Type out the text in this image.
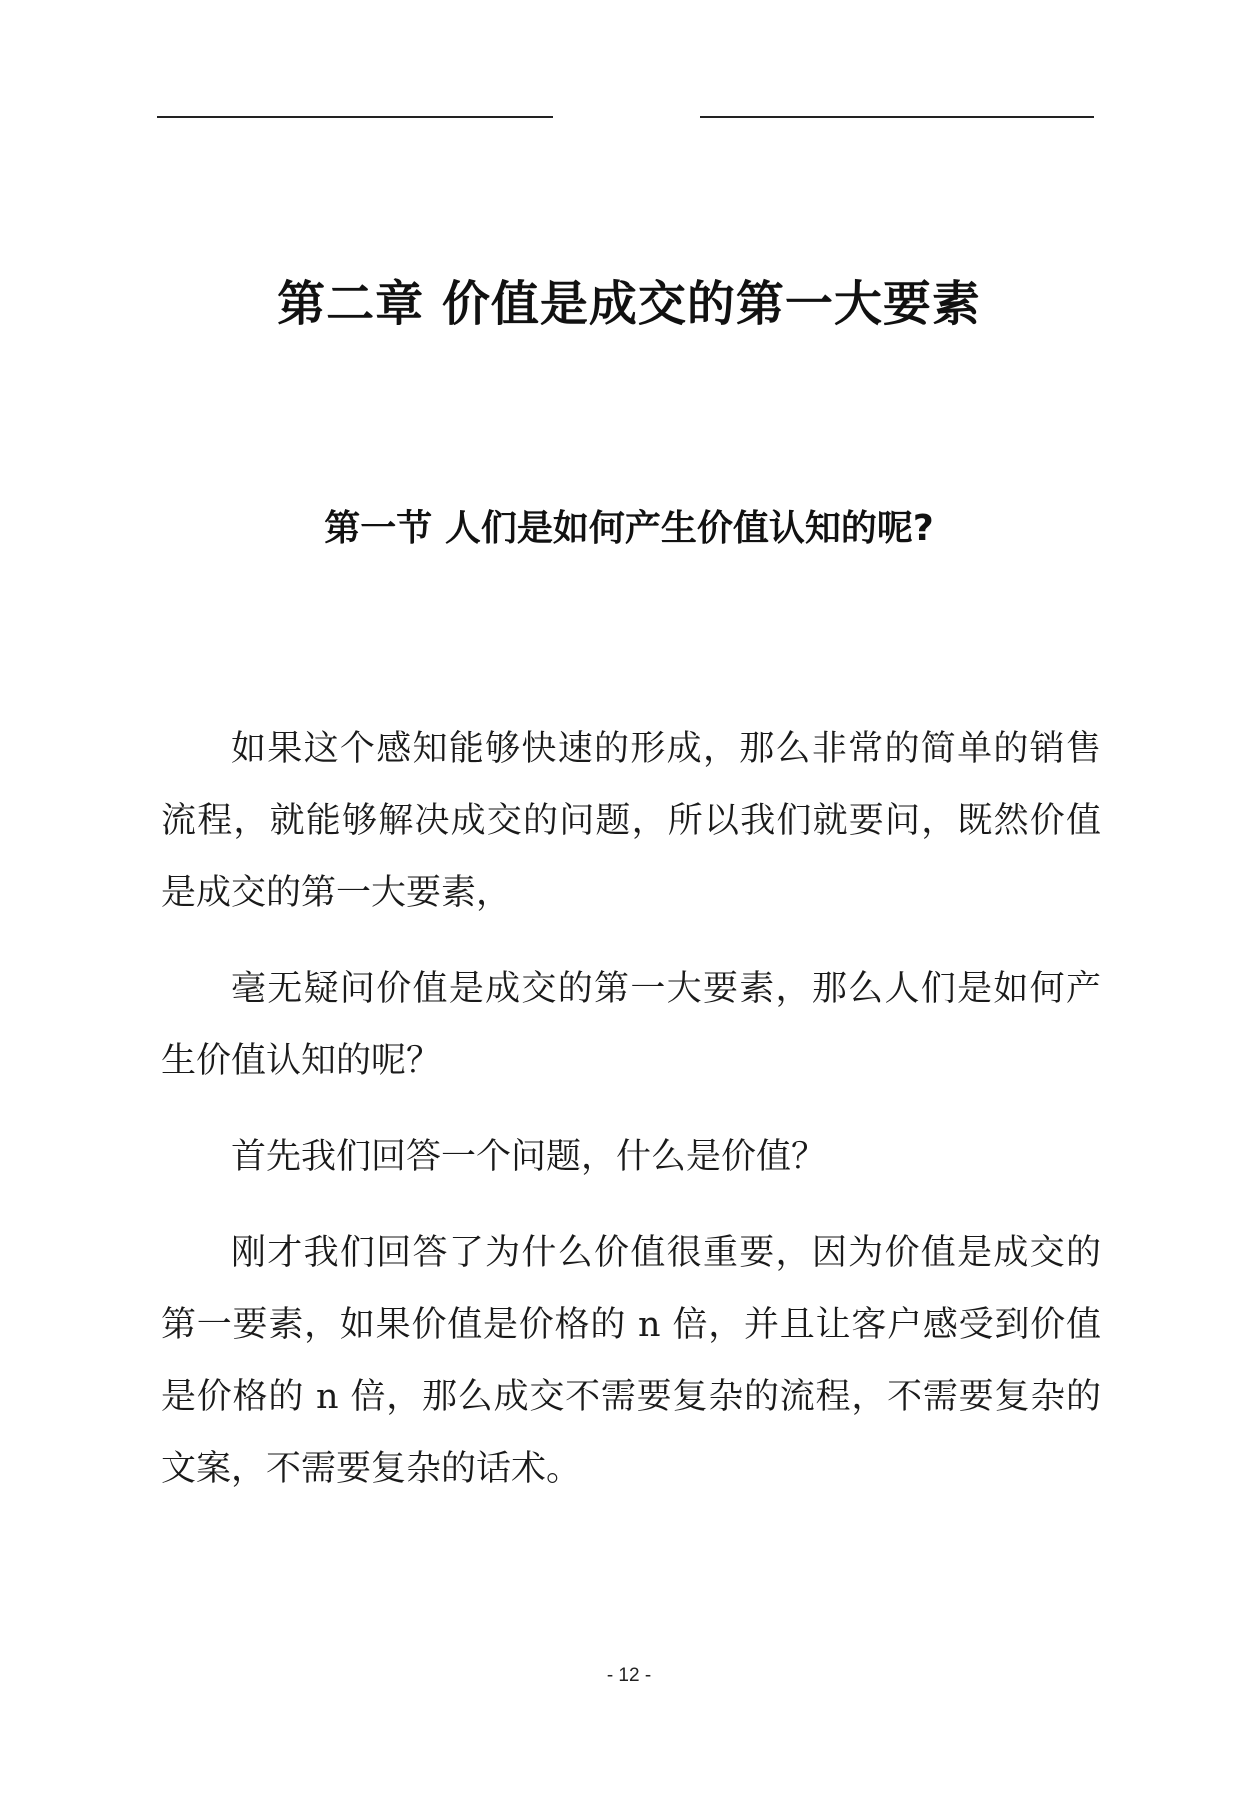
第二章 价值是成交的第一大要素
第一节 人们是如何产生价值认知的呢?

如果这个感知能够快速的形成，那么非常的简单的销售流程，就能够解决成交的问题，所以我们就要问，既然价值是成交的第一大要素，

毫无疑问价值是成交的第一大要素，那么人们是如何产生价值认知的呢？

首先我们回答一个问题，什么是价值？

刚才我们回答了为什么价值很重要，因为价值是成交的第一要素，如果价值是价格的 n 倍，并且让客户感受到价值是价格的 n 倍，那么成交不需要复杂的流程，不需要复杂的文案，不需要复杂的话术。

- 12 -
